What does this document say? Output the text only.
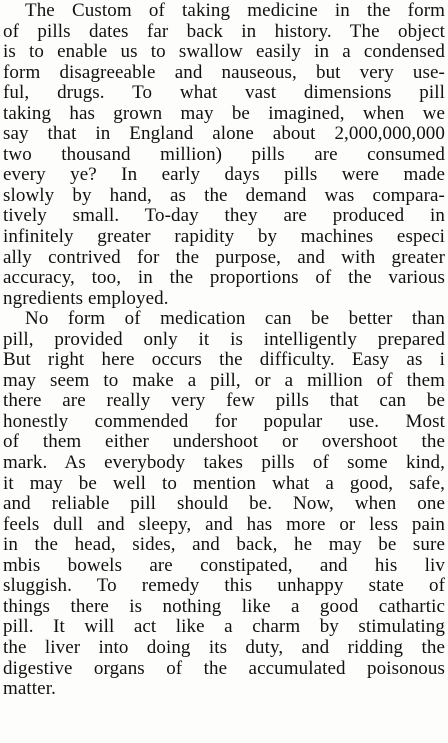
The Custom of taking medicine in the form
of pills dates far back in history. The object
is to enable us to swallow easily in a condensed
form disagreeable and nauseous, but very use-
ful, drugs. To what vast dimensions pill
taking has grown may be imagined, when we
say that in England alone about 2,000,000,000
two thousand million) pills are consumed
every ye? In early days pills were made
slowly by hand, as the demand was compara-
tively small. To-day they are produced in
infinitely greater rapidity by machines especi
ally contrived for the purpose, and with greater
accuracy, too, in the proportions of the various
ngredients employed.
No form of medication can be better than
pill, provided only it is intelligently prepared
But right here occurs the difficulty. Easy as i
may seem to make a pill, or a million of them
there are really very few pills that can be
honestly commended for popular use. Most
of them either undershoot or overshoot the
mark. As everybody takes pills of some kind,
it may be well to mention what a good, safe,
and reliable pill should be. Now, when one
feels dull and sleepy, and has more or less pain
in the head, sides, and back, he may be sure
mbis bowels are constipated, and his liv
sluggish. To remedy this unhappy state of
things there is nothing like a good cathartic
pill. It will act like a charm by stimulating
the liver into doing its duty, and ridding the
digestive organs of the accumulated poisonous
matter.
